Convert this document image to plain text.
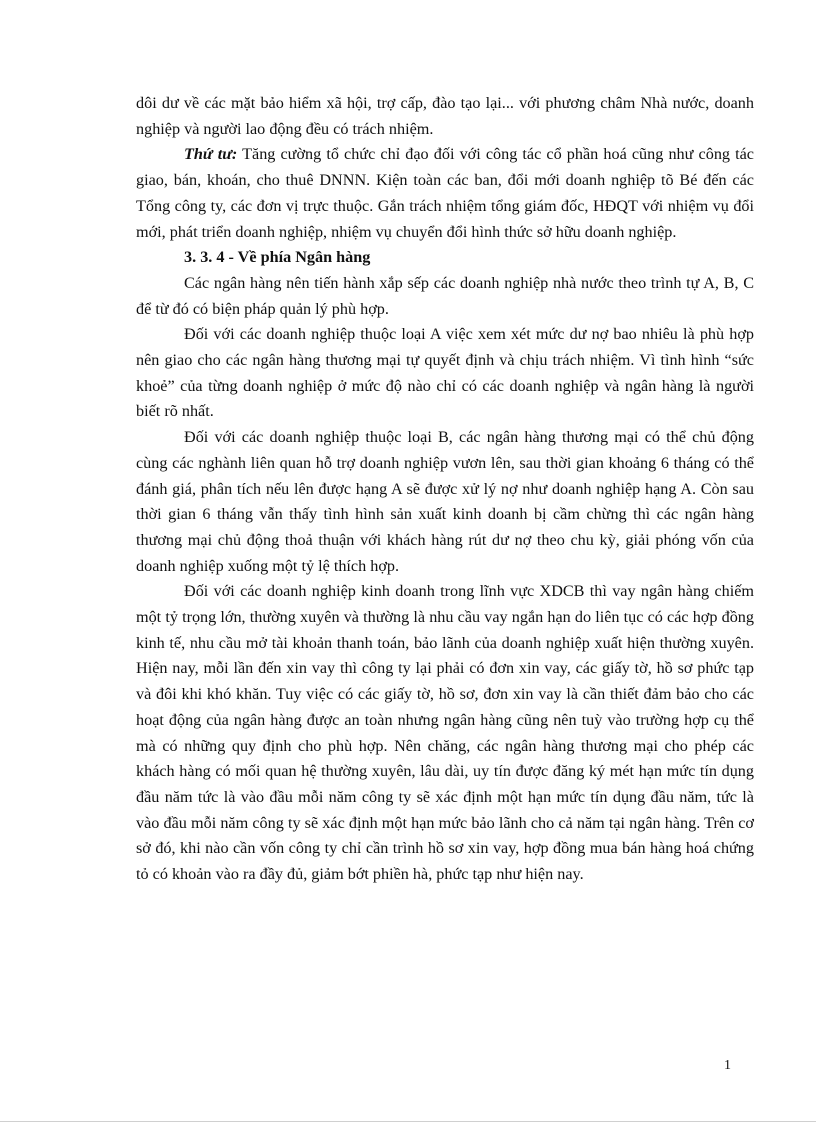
dôi dư về các mặt bảo hiểm xã hội, trợ cấp, đào tạo lại... với phương châm Nhà nước, doanh nghiệp và người lao động đều có trách nhiệm.

Thứ tư: Tăng cường tổ chức chỉ đạo đối với công tác cổ phần hoá cũng như công tác giao, bán, khoán, cho thuê DNNN. Kiện toàn các ban, đổi mới doanh nghiệp tõ Bé đến các Tổng công ty, các đơn vị trực thuộc. Gắn trách nhiệm tổng giám đốc, HĐQT với nhiệm vụ đổi mới, phát triển doanh nghiệp, nhiệm vụ chuyển đổi hình thức sở hữu doanh nghiệp.

3. 3. 4 - Về phía Ngân hàng

Các ngân hàng nên tiến hành xắp sếp các doanh nghiệp nhà nước theo trình tự A, B, C để từ đó có biện pháp quản lý phù hợp.

Đối với các doanh nghiệp thuộc loại A việc xem xét mức dư nợ bao nhiêu là phù hợp nên giao cho các ngân hàng thương mại tự quyết định và chịu trách nhiệm. Vì tình hình “sức khoẻ” của từng doanh nghiệp ở mức độ nào chỉ có các doanh nghiệp và ngân hàng là người biết rõ nhất.

Đối với các doanh nghiệp thuộc loại B, các ngân hàng thương mại có thể chủ động cùng các nghành liên quan hỗ trợ doanh nghiệp vươn lên, sau thời gian khoảng 6 tháng có thể đánh giá, phân tích nếu lên được hạng A sẽ được xử lý nợ như doanh nghiệp hạng A. Còn sau thời gian 6 tháng vẫn thấy tình hình sản xuất kinh doanh bị cầm chừng thì các ngân hàng thương mại chủ động thoả thuận với khách hàng rút dư nợ theo chu kỳ, giải phóng vốn của doanh nghiệp xuống một tỷ lệ thích hợp.

Đối với các doanh nghiệp kinh doanh trong lĩnh vực XDCB thì vay ngân hàng chiếm một tỷ trọng lớn, thường xuyên và thường là nhu cầu vay ngắn hạn do liên tục có các hợp đồng kinh tế, nhu cầu mở tài khoản thanh toán, bảo lãnh của doanh nghiệp xuất hiện thường xuyên. Hiện nay, mỗi lần đến xin vay thì công ty lại phải có đơn xin vay, các giấy tờ, hồ sơ phức tạp và đôi khi khó khăn. Tuy việc có các giấy tờ, hồ sơ, đơn xin vay là cần thiết đảm bảo cho các hoạt động của ngân hàng được an toàn nhưng ngân hàng cũng nên tuỳ vào trường hợp cụ thể mà có những quy định cho phù hợp. Nên chăng, các ngân hàng thương mại cho phép các khách hàng có mối quan hệ thường xuyên, lâu dài, uy tín được đăng ký mét hạn mức tín dụng đầu năm tức là vào đầu mỗi năm công ty sẽ xác định một hạn mức tín dụng đầu năm, tức là vào đầu mỗi năm công ty sẽ xác định một hạn mức bảo lãnh cho cả năm tại ngân hàng. Trên cơ sở đó, khi nào cần vốn công ty chỉ cần trình hồ sơ xin vay, hợp đồng mua bán hàng hoá chứng tỏ có khoản vào ra đầy đủ, giảm bớt phiền hà, phức tạp như hiện nay.

1
